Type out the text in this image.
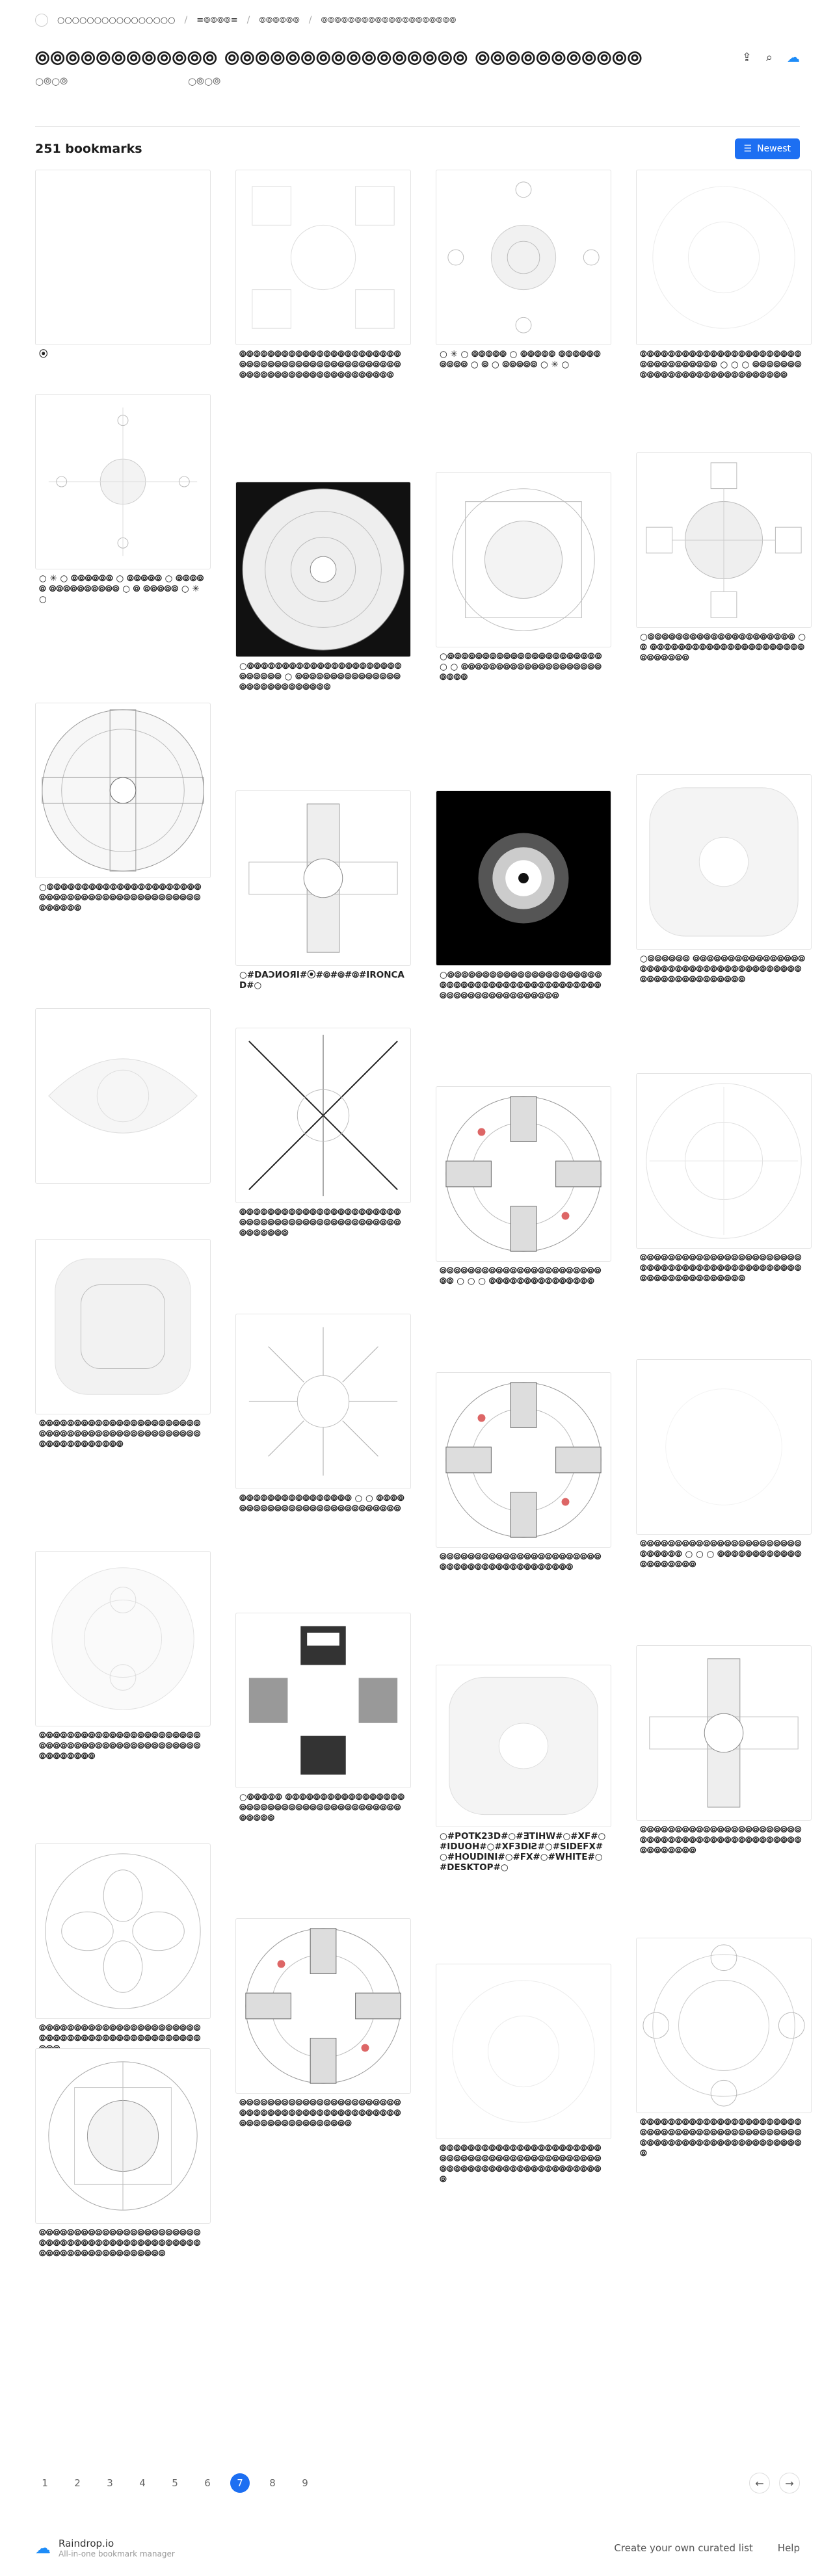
○○○○○○○○○○○○○○○○ / ≡⦾⦾⦾⦾≡ / ⦾⦾⦾⦾⦾⦾ / ⦾⦾⦾⦾⦾⦾⦾⦾⦾⦾⦾⦾⦾⦾⦾⦾⦾⦾⦾⦾
⦾⦾⦾⦾⦾⦾⦾⦾⦾⦾⦾⦾ ⦾⦾⦾⦾⦾⦾⦾⦾⦾⦾⦾⦾⦾⦾⦾⦾ ⦾⦾⦾⦾⦾⦾⦾⦾⦾⦾⦾
○⦾○⦾	○⦾○⦾
⇪ ⌕ ☁
251 bookmarks	☰ Newest
⦿	⦾⦾⦾⦾⦾⦾⦾⦾⦾⦾⦾⦾⦾⦾⦾⦾⦾⦾⦾⦾⦾⦾⦾⦾⦾⦾⦾⦾⦾⦾⦾⦾⦾⦾⦾⦾⦾⦾⦾⦾⦾⦾⦾⦾⦾⦾⦾⦾⦾⦾⦾⦾⦾⦾⦾⦾⦾⦾⦾⦾⦾⦾⦾⦾⦾⦾⦾⦾
○ ✳ ○ ⦾⦾⦾⦾⦾ ○ ⦾⦾⦾⦾⦾ ⦾⦾⦾⦾⦾⦾⦾⦾⦾⦾ ○ ⦾ ○ ⦾⦾⦾⦾⦾ ○ ✳ ○
⦾⦾⦾⦾⦾⦾⦾⦾⦾⦾⦾⦾⦾⦾⦾⦾⦾⦾⦾⦾⦾⦾⦾⦾⦾⦾⦾⦾⦾⦾⦾⦾⦾⦾ ○ ○ ○ ⦾⦾⦾⦾⦾⦾⦾⦾⦾⦾⦾⦾⦾⦾⦾⦾⦾⦾⦾⦾⦾⦾⦾⦾⦾⦾⦾⦾
○ ✳ ○ ⦾⦾⦾⦾⦾⦾ ○ ⦾⦾⦾⦾⦾ ○ ⦾⦾⦾⦾⦾ ⦾⦾⦾⦾⦾⦾⦾⦾⦾⦾ ○ ⦾ ⦾⦾⦾⦾⦾ ○ ✳ ○
○⦾⦾⦾⦾⦾⦾⦾⦾⦾⦾⦾⦾⦾⦾⦾⦾⦾⦾⦾⦾⦾⦾⦾⦾⦾⦾⦾⦾ ○ ⦾⦾⦾⦾⦾⦾⦾⦾⦾⦾⦾⦾⦾⦾⦾⦾⦾⦾⦾⦾⦾⦾⦾⦾⦾⦾⦾⦾
○⦾⦾⦾⦾⦾⦾⦾⦾⦾⦾⦾⦾⦾⦾⦾⦾⦾⦾⦾⦾⦾⦾ ○ ○ ⦾⦾⦾⦾⦾⦾⦾⦾⦾⦾⦾⦾⦾⦾⦾⦾⦾⦾⦾⦾⦾⦾⦾⦾
○⦾⦾⦾⦾⦾⦾⦾⦾⦾⦾⦾⦾⦾⦾⦾⦾⦾⦾⦾⦾⦾ ○ ⦾ ⦾⦾⦾⦾⦾⦾⦾⦾⦾⦾⦾⦾⦾⦾⦾⦾⦾⦾⦾⦾⦾⦾⦾⦾⦾⦾⦾⦾⦾
○⦾⦾⦾⦾⦾⦾⦾⦾⦾⦾⦾⦾⦾⦾⦾⦾⦾⦾⦾⦾⦾⦾⦾⦾⦾⦾⦾⦾⦾⦾⦾⦾⦾⦾⦾⦾⦾⦾⦾⦾⦾⦾⦾⦾⦾⦾⦾⦾⦾⦾⦾
○#DAƆИOЯI#⦿#⦾#⦾#⦾#IRONCAD#○
○⦾⦾⦾⦾⦾⦾⦾⦾⦾⦾⦾⦾⦾⦾⦾⦾⦾⦾⦾⦾⦾⦾⦾⦾⦾⦾⦾⦾⦾⦾⦾⦾⦾⦾⦾⦾⦾⦾⦾⦾⦾⦾⦾⦾⦾⦾⦾⦾⦾⦾⦾⦾⦾⦾⦾⦾⦾⦾⦾⦾⦾⦾
○⦾⦾⦾⦾⦾⦾ ⦾⦾⦾⦾⦾⦾⦾⦾⦾⦾⦾⦾⦾⦾⦾⦾⦾⦾⦾⦾⦾⦾⦾⦾⦾⦾⦾⦾⦾⦾⦾⦾⦾⦾⦾⦾⦾⦾⦾⦾⦾⦾⦾⦾⦾⦾⦾⦾⦾⦾⦾⦾⦾⦾
⦾⦾⦾⦾⦾⦾⦾⦾⦾⦾⦾⦾⦾⦾⦾⦾⦾⦾⦾⦾⦾⦾⦾⦾⦾⦾⦾⦾⦾⦾⦾⦾⦾⦾⦾⦾⦾⦾⦾⦾⦾⦾⦾⦾⦾⦾⦾⦾⦾⦾⦾⦾⦾
⦾⦾⦾⦾⦾⦾⦾⦾⦾⦾⦾⦾⦾⦾⦾⦾⦾⦾⦾⦾⦾⦾⦾⦾⦾ ○ ○ ○ ⦾⦾⦾⦾⦾⦾⦾⦾⦾⦾⦾⦾⦾⦾⦾
⦾⦾⦾⦾⦾⦾⦾⦾⦾⦾⦾⦾⦾⦾⦾⦾⦾⦾⦾⦾⦾⦾⦾⦾⦾⦾⦾⦾⦾⦾⦾⦾⦾⦾⦾⦾⦾⦾⦾⦾⦾⦾⦾⦾⦾⦾⦾⦾⦾⦾⦾⦾⦾⦾⦾⦾⦾⦾⦾⦾⦾
⦾⦾⦾⦾⦾⦾⦾⦾⦾⦾⦾⦾⦾⦾⦾⦾⦾⦾⦾⦾⦾⦾⦾⦾⦾⦾⦾⦾⦾⦾⦾⦾⦾⦾⦾⦾⦾⦾⦾⦾⦾⦾⦾⦾⦾⦾⦾⦾⦾⦾⦾⦾⦾⦾⦾⦾⦾⦾
⦾⦾⦾⦾⦾⦾⦾⦾⦾⦾⦾⦾⦾⦾⦾⦾ ○ ○ ⦾⦾⦾⦾⦾⦾⦾⦾⦾⦾⦾⦾⦾⦾⦾⦾⦾⦾⦾⦾⦾⦾⦾⦾⦾⦾⦾
⦾⦾⦾⦾⦾⦾⦾⦾⦾⦾⦾⦾⦾⦾⦾⦾⦾⦾⦾⦾⦾⦾⦾⦾⦾⦾⦾⦾⦾⦾⦾⦾⦾⦾⦾⦾⦾⦾⦾⦾⦾⦾
⦾⦾⦾⦾⦾⦾⦾⦾⦾⦾⦾⦾⦾⦾⦾⦾⦾⦾⦾⦾⦾⦾⦾⦾⦾⦾⦾⦾⦾ ○ ○ ○ ⦾⦾⦾⦾⦾⦾⦾⦾⦾⦾⦾⦾⦾⦾⦾⦾⦾⦾⦾⦾
⦾⦾⦾⦾⦾⦾⦾⦾⦾⦾⦾⦾⦾⦾⦾⦾⦾⦾⦾⦾⦾⦾⦾⦾⦾⦾⦾⦾⦾⦾⦾⦾⦾⦾⦾⦾⦾⦾⦾⦾⦾⦾⦾⦾⦾⦾⦾⦾⦾⦾⦾⦾⦾⦾
○⦾⦾⦾⦾⦾ ⦾⦾⦾⦾⦾⦾⦾⦾⦾⦾⦾⦾⦾⦾⦾⦾⦾⦾⦾⦾⦾⦾⦾⦾⦾⦾⦾⦾⦾⦾⦾⦾⦾⦾⦾⦾⦾⦾⦾⦾⦾⦾⦾⦾⦾
○#POTK23D#○#ƎTIHW#○#XF#○#IDUOH#○#XF3DIƧ#○#SIDEFX#○#HOUDINI#○#FX#○#WHITE#○#DESKTOP#○
⦾⦾⦾⦾⦾⦾⦾⦾⦾⦾⦾⦾⦾⦾⦾⦾⦾⦾⦾⦾⦾⦾⦾⦾⦾⦾⦾⦾⦾⦾⦾⦾⦾⦾⦾⦾⦾⦾⦾⦾⦾⦾⦾⦾⦾⦾⦾⦾⦾⦾⦾⦾⦾⦾
⦾⦾⦾⦾⦾⦾⦾⦾⦾⦾⦾⦾⦾⦾⦾⦾⦾⦾⦾⦾⦾⦾⦾⦾⦾⦾⦾⦾⦾⦾⦾⦾⦾⦾⦾⦾⦾⦾⦾⦾⦾⦾⦾⦾⦾⦾
⦾⦾⦾⦾⦾⦾⦾⦾⦾⦾⦾⦾⦾⦾⦾⦾⦾⦾⦾⦾⦾⦾⦾⦾⦾⦾⦾⦾⦾⦾⦾⦾⦾⦾⦾⦾⦾⦾⦾⦾⦾⦾⦾⦾⦾⦾⦾⦾⦾⦾⦾⦾⦾⦾⦾⦾⦾⦾⦾⦾⦾⦾
⦾⦾⦾⦾⦾⦾⦾⦾⦾⦾⦾⦾⦾⦾⦾⦾⦾⦾⦾⦾⦾⦾⦾⦾⦾⦾⦾⦾⦾⦾⦾⦾⦾⦾⦾⦾⦾⦾⦾⦾⦾⦾⦾⦾⦾⦾⦾⦾⦾⦾⦾⦾⦾⦾⦾⦾⦾⦾⦾⦾⦾⦾⦾⦾⦾⦾⦾⦾⦾⦾
⦾⦾⦾⦾⦾⦾⦾⦾⦾⦾⦾⦾⦾⦾⦾⦾⦾⦾⦾⦾⦾⦾⦾⦾⦾⦾⦾⦾⦾⦾⦾⦾⦾⦾⦾⦾⦾⦾⦾⦾⦾⦾⦾⦾⦾⦾⦾⦾⦾⦾⦾⦾⦾⦾⦾⦾⦾⦾⦾⦾⦾⦾⦾⦾⦾⦾⦾⦾⦾⦾
⦾⦾⦾⦾⦾⦾⦾⦾⦾⦾⦾⦾⦾⦾⦾⦾⦾⦾⦾⦾⦾⦾⦾⦾⦾⦾⦾⦾⦾⦾⦾⦾⦾⦾⦾⦾⦾⦾⦾⦾⦾⦾⦾⦾⦾⦾⦾⦾⦾⦾⦾⦾⦾⦾⦾⦾⦾⦾⦾⦾⦾⦾⦾⦾
1	2	3	4	5	6	7	8	9	←	→
☁ Raindrop.io
All-in-one bookmark manager	Create your own curated list	Help
